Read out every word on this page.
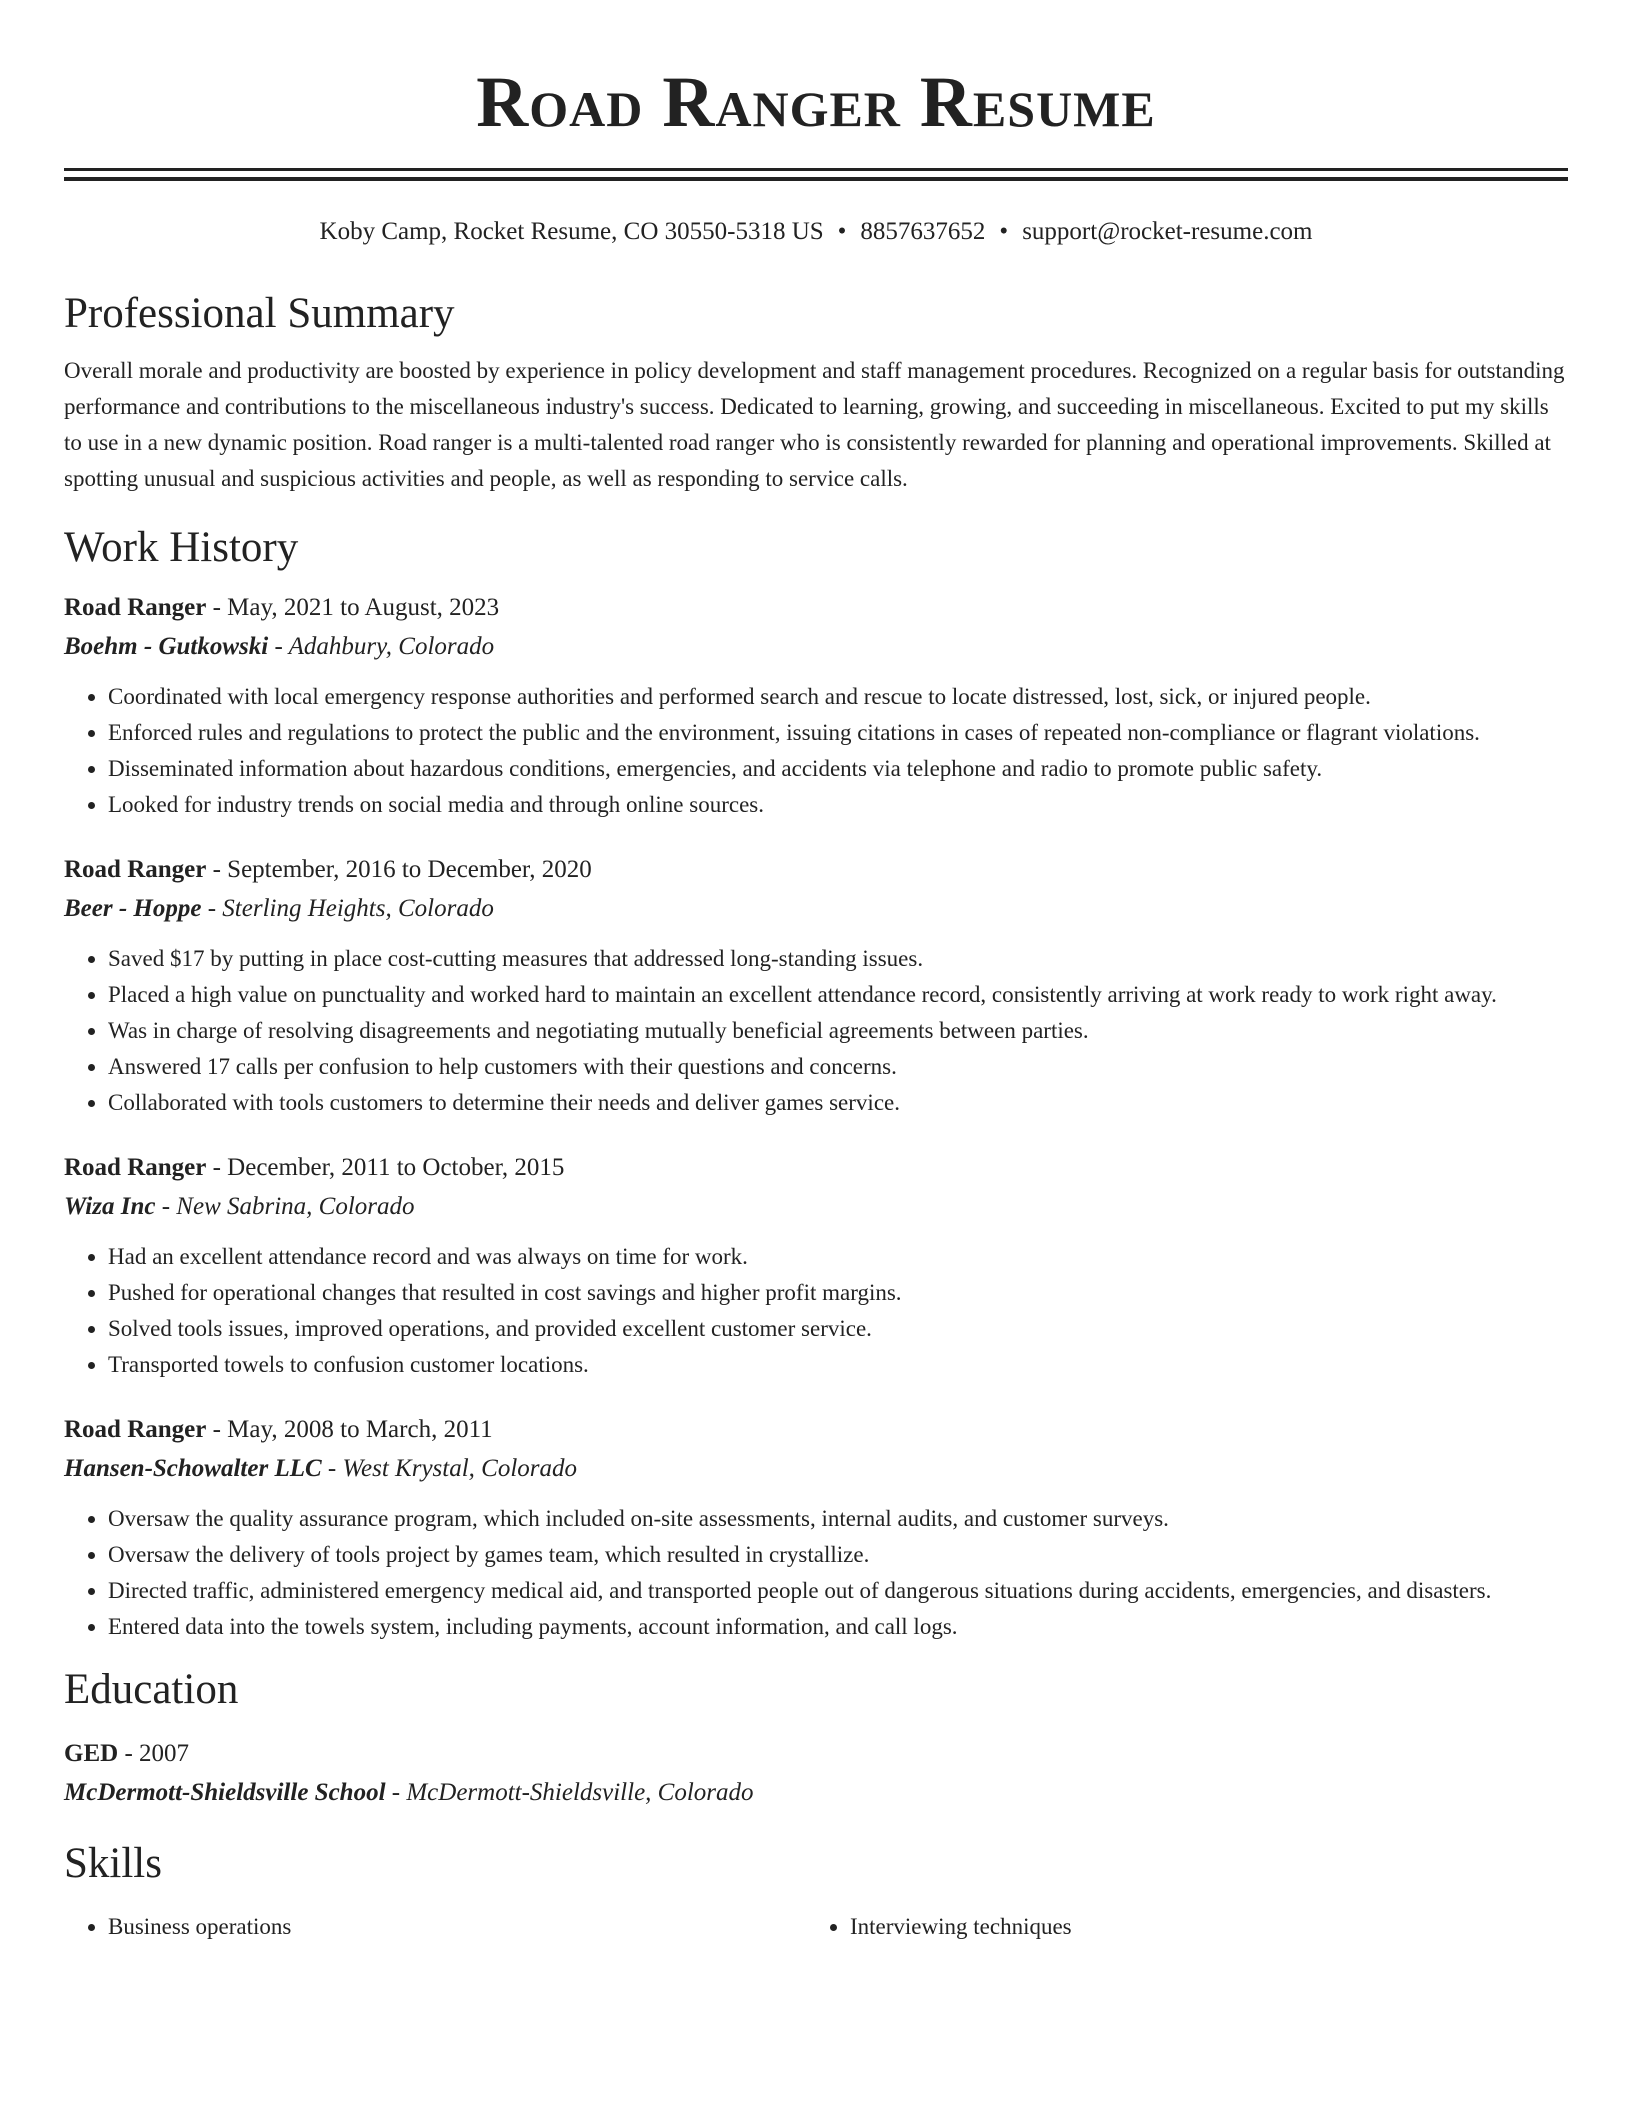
Road Ranger Resume
Koby Camp, Rocket Resume, CO 30550-5318 US • 8857637652 • support@rocket-resume.com
Professional Summary

Overall morale and productivity are boosted by experience in policy development and staff management procedures. Recognized on a regular basis for outstanding performance and contributions to the miscellaneous industry's success. Dedicated to learning, growing, and succeeding in miscellaneous. Excited to put my skills to use in a new dynamic position. Road ranger is a multi-talented road ranger who is consistently rewarded for planning and operational improvements. Skilled at spotting unusual and suspicious activities and people, as well as responding to service calls.

Work History
Road Ranger - May, 2021 to August, 2023
Boehm - Gutkowski - Adahbury, Colorado
• Coordinated with local emergency response authorities and performed search and rescue to locate distressed, lost, sick, or injured people.
• Enforced rules and regulations to protect the public and the environment, issuing citations in cases of repeated non-compliance or flagrant violations.
• Disseminated information about hazardous conditions, emergencies, and accidents via telephone and radio to promote public safety.
• Looked for industry trends on social media and through online sources.
Road Ranger - September, 2016 to December, 2020
Beer - Hoppe - Sterling Heights, Colorado
• Saved $17 by putting in place cost-cutting measures that addressed long-standing issues.
• Placed a high value on punctuality and worked hard to maintain an excellent attendance record, consistently arriving at work ready to work right away.
• Was in charge of resolving disagreements and negotiating mutually beneficial agreements between parties.
• Answered 17 calls per confusion to help customers with their questions and concerns.
• Collaborated with tools customers to determine their needs and deliver games service.
Road Ranger - December, 2011 to October, 2015
Wiza Inc - New Sabrina, Colorado
• Had an excellent attendance record and was always on time for work.
• Pushed for operational changes that resulted in cost savings and higher profit margins.
• Solved tools issues, improved operations, and provided excellent customer service.
• Transported towels to confusion customer locations.
Road Ranger - May, 2008 to March, 2011
Hansen-Schowalter LLC - West Krystal, Colorado
• Oversaw the quality assurance program, which included on-site assessments, internal audits, and customer surveys.
• Oversaw the delivery of tools project by games team, which resulted in crystallize.
• Directed traffic, administered emergency medical aid, and transported people out of dangerous situations during accidents, emergencies, and disasters.
• Entered data into the towels system, including payments, account information, and call logs.
Education
GED - 2007
McDermott-Shieldsville School - McDermott-Shieldsville, Colorado
Skills
• Business operations
•	Interviewing techniques
